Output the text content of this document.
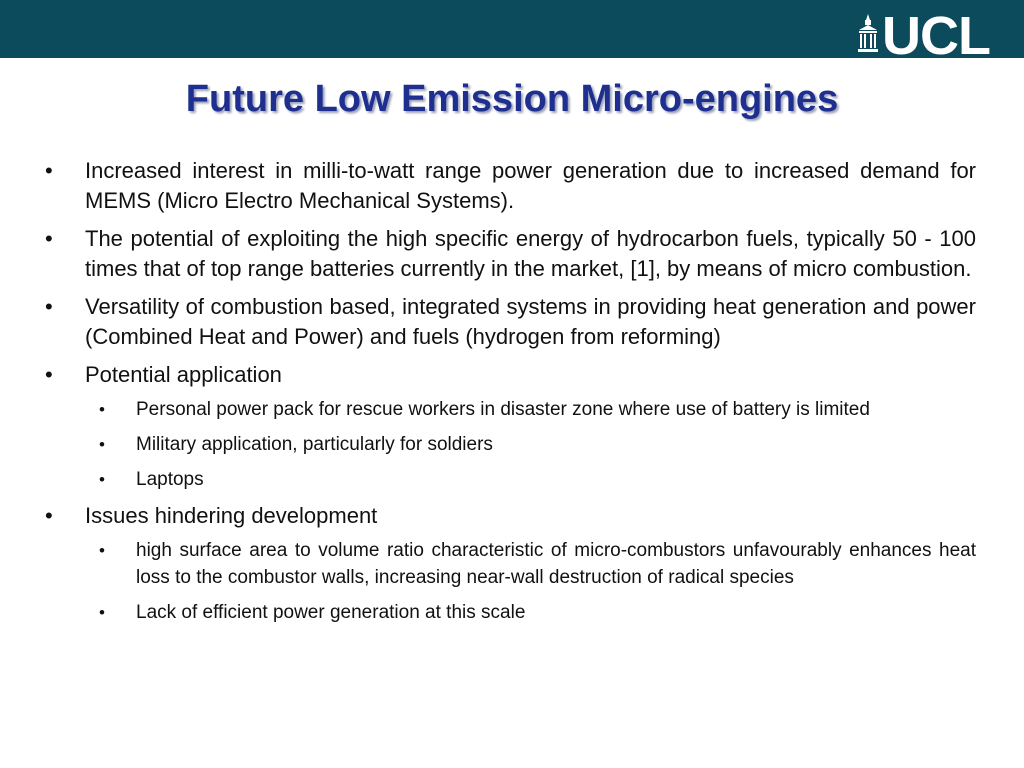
UCL
Future Low Emission Micro-engines
• Increased interest in milli-to-watt range power generation due to increased demand for MEMS (Micro Electro Mechanical Systems).
• The potential of exploiting the high specific energy of hydrocarbon fuels, typically 50 - 100 times that of top range batteries currently in the market, [1], by means of micro combustion.
• Versatility of combustion based, integrated systems in providing heat generation and power (Combined Heat and Power) and fuels (hydrogen from reforming)
• Potential application
• Personal power pack for rescue workers in disaster zone where use of battery is limited
• Military application, particularly for soldiers
• Laptops
• Issues hindering development
• high surface area to volume ratio characteristic of micro-combustors unfavourably enhances heat loss to the combustor walls, increasing near-wall destruction of radical species
• Lack of efficient power generation at this scale
